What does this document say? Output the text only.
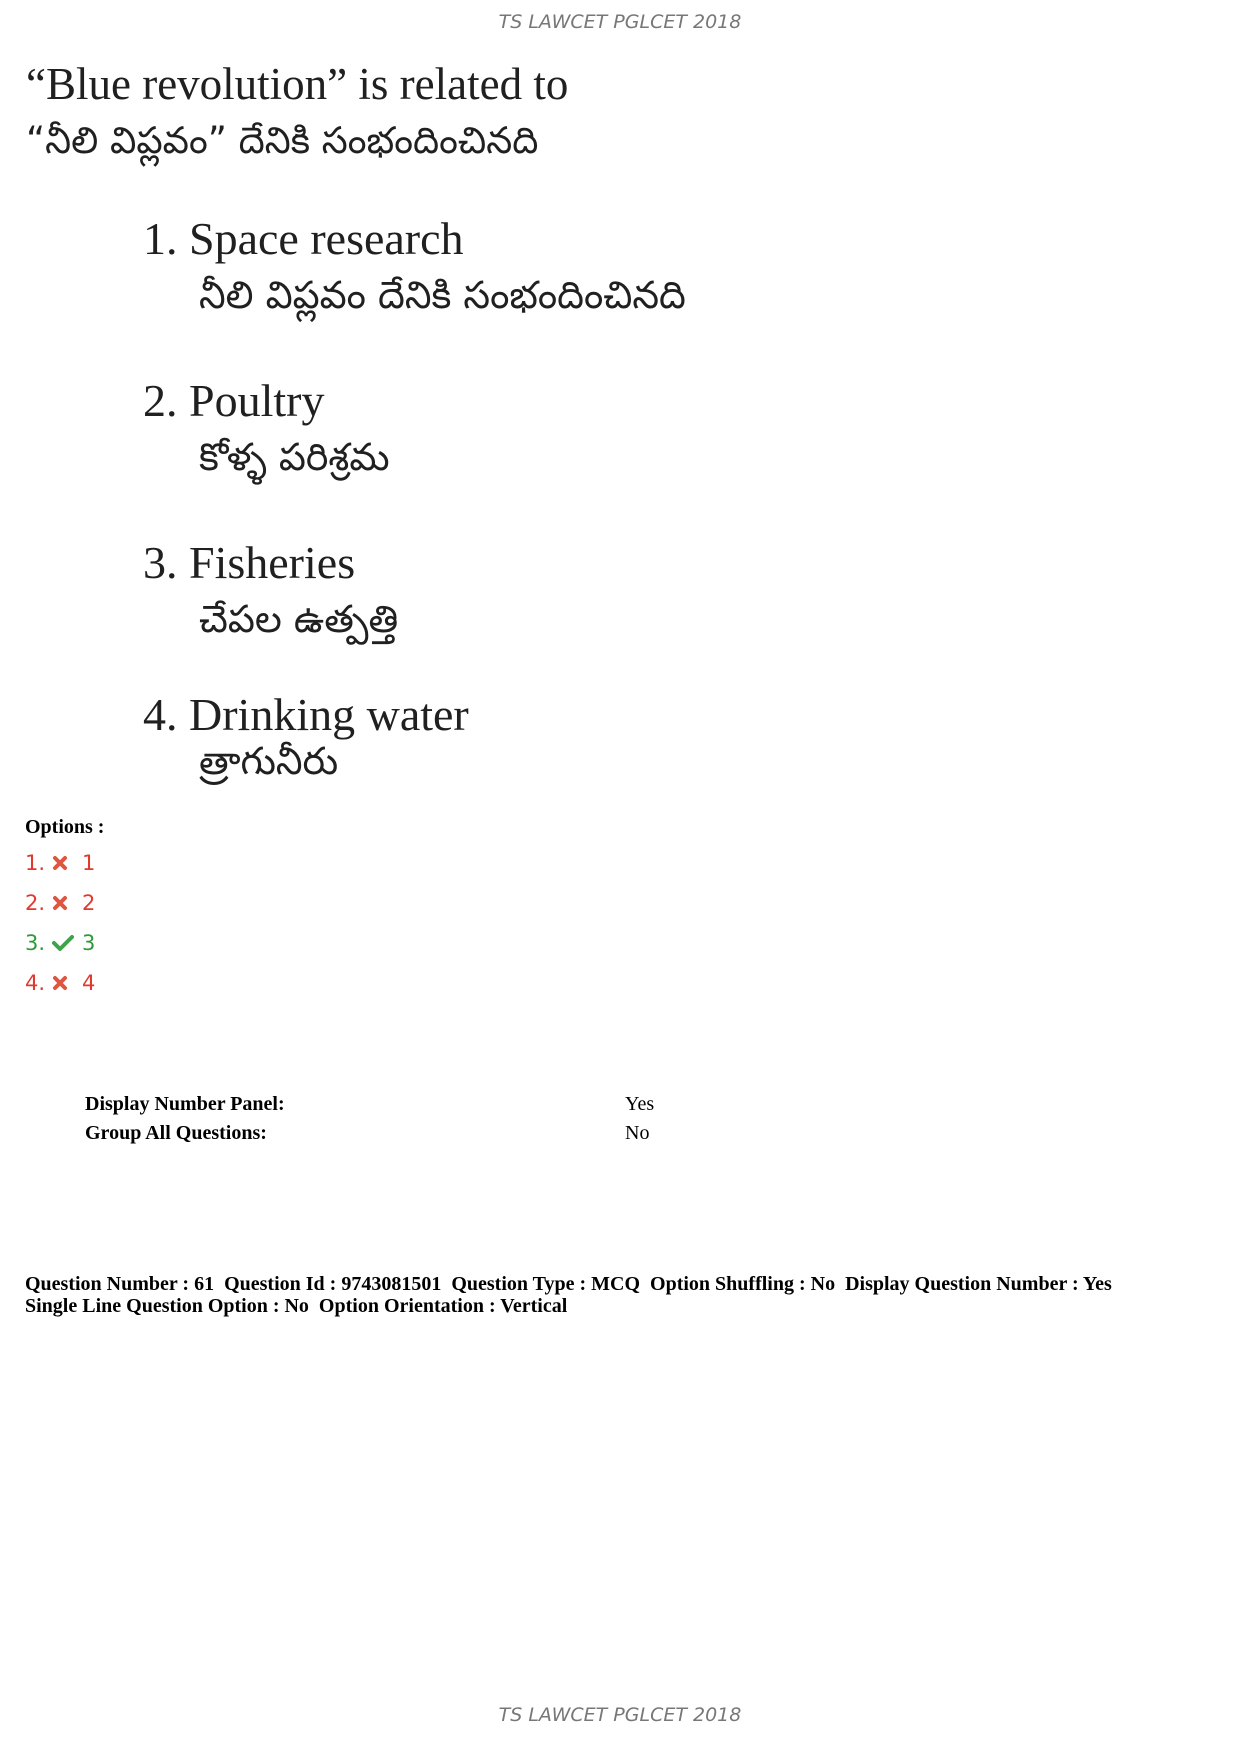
TS LAWCET PGLCET 2018
“Blue revolution” is related to
“నీలి విప్లవం” దేనికి సంభందించినది
1. Space research
నీలి విప్లవం దేనికి సంభందించినది
2. Poultry
కోళ్ళ పరిశ్రమ
3. Fisheries
చేపల ఉత్పత్తి
4. Drinking water
త్రాగునీరు
Options :
1.	1
2.	2
3.	3
4.	4
Display Number Panel:	Yes
Group All Questions:	No
Question Number : 61  Question Id : 9743081501  Question Type : MCQ  Option Shuffling : No  Display Question Number : Yes
Single Line Question Option : No  Option Orientation : Vertical
TS LAWCET PGLCET 2018
